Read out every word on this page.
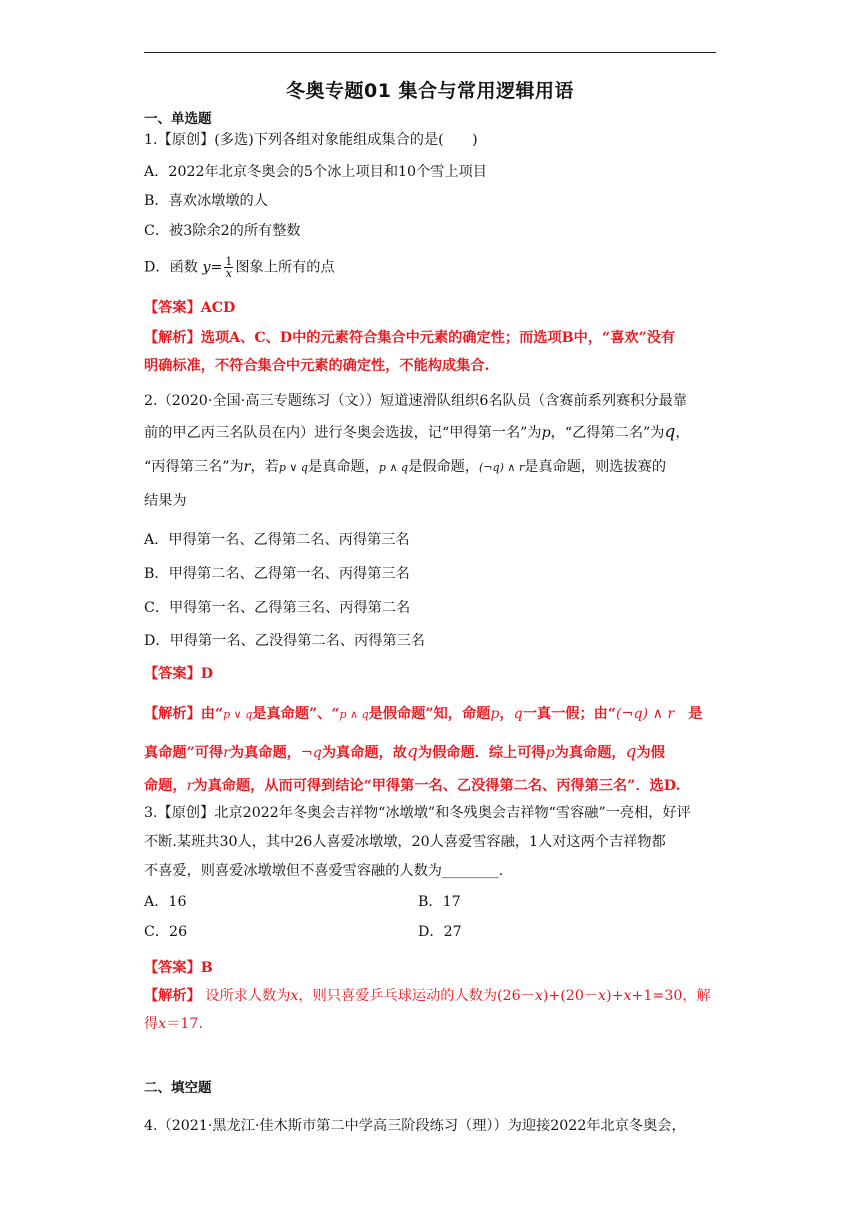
冬奥专题01 集合与常用逻辑用语
一、单选题
1.【原创】(多选)下列各组对象能组成集合的是(　　)
A．2022年北京冬奥会的5个冰上项目和10个雪上项目
B．喜欢冰墩墩的人
C．被3除余2的所有整数
D．函数 $y= \frac{1}{x}$ 图象上所有的点
【答案】ACD
【解析】选项A、C、D中的元素符合集合中元素的确定性；而选项B中，“喜欢”没有
明确标准，不符合集合中元素的确定性，不能构成集合.
2.（2020·全国·高三专题练习（文））短道速滑队组织6名队员（含赛前系列赛积分最靠
前的甲乙丙三名队员在内）进行冬奥会选拔，记“甲得第一名”为p，“乙得第二名”为q，
“丙得第三名”为r，若p ∨ q是真命题，p ∧ q是假命题，(¬q) ∧ r是真命题，则选拔赛的
结果为
A．甲得第一名、乙得第二名、丙得第三名
B．甲得第二名、乙得第一名、丙得第三名
C．甲得第一名、乙得第三名、丙得第二名
D．甲得第一名、乙没得第二名、丙得第三名
【答案】D
【解析】由“p ∨ q是真命题”、“p ∧ q是假命题”知，命题p，q一真一假；由“(¬q) ∧ r 是
真命题”可得r为真命题，¬q为真命题，故q为假命题．综上可得p为真命题，q为假
命题，r为真命题，从而可得到结论“甲得第一名、乙没得第二名、丙得第三名”．选D.
3.【原创】北京2022年冬奥会吉祥物“冰墩墩”和冬残奥会吉祥物“雪容融”一亮相，好评
不断.某班共30人，其中26人喜爱冰墩墩，20人喜爱雪容融，1人对这两个吉祥物都
不喜爱，则喜爱冰墩墩但不喜爱雪容融的人数为________.
A．16	B．17
C．26	D．27
【答案】B
【解析】 设所求人数为x，则只喜爱乒乓球运动的人数为(26－x)+(20－x)+x+1=30，解
得x＝17.
二、填空题
4.（2021·黑龙江·佳木斯市第二中学高三阶段练习（理））为迎接2022年北京冬奥会，
